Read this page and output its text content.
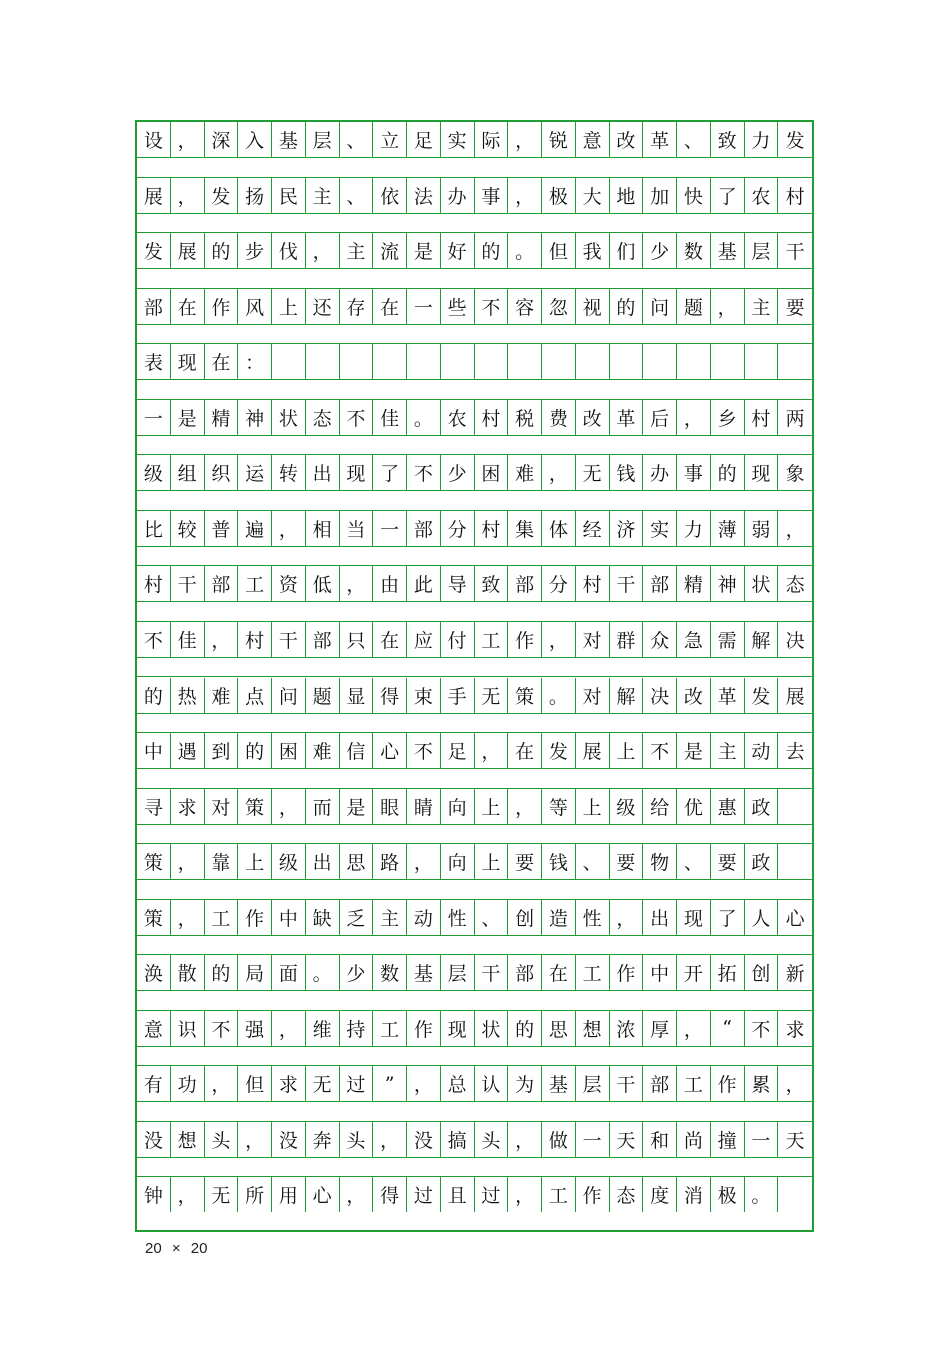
设 ， 深 入 基 层 、 立 足 实 际 ， 锐 意 改 革 、 致 力 发
展 ， 发 扬 民 主 、 依 法 办 事 ， 极 大 地 加 快 了 农 村
发 展 的 步 伐 ， 主 流 是 好 的 。 但 我 们 少 数 基 层 干
部 在 作 风 上 还 存 在 一 些 不 容 忽 视 的 问 题 ， 主 要
表 现 在 ：
一 是 精 神 状 态 不 佳 。 农 村 税 费 改 革 后 ， 乡 村 两
级 组 织 运 转 出 现 了 不 少 困 难 ， 无 钱 办 事 的 现 象
比 较 普 遍 ， 相 当 一 部 分 村 集 体 经 济 实 力 薄 弱 ，
村 干 部 工 资 低 ， 由 此 导 致 部 分 村 干 部 精 神 状 态
不 佳 ， 村 干 部 只 在 应 付 工 作 ， 对 群 众 急 需 解 决
的 热 难 点 问 题 显 得 束 手 无 策 。 对 解 决 改 革 发 展
中 遇 到 的 困 难 信 心 不 足 ， 在 发 展 上 不 是 主 动 去
寻 求 对 策 ， 而 是 眼 睛 向 上 ， 等 上 级 给 优 惠 政
策 ， 靠 上 级 出 思 路 ， 向 上 要 钱 、 要 物 、 要 政
策 ， 工 作 中 缺 乏 主 动 性 、 创 造 性 ， 出 现 了 人 心
涣 散 的 局 面 。 少 数 基 层 干 部 在 工 作 中 开 拓 创 新
意 识 不 强 ， 维 持 工 作 现 状 的 思 想 浓 厚 ，	“	不 求
有 功 ， 但 求 无 过	”	， 总 认 为 基 层 干 部 工 作 累 ，
没 想 头 ， 没 奔 头 ， 没 搞 头 ， 做 一 天 和 尚 撞 一 天
钟 ， 无 所 用 心 ， 得 过 且 过 ， 工 作 态 度 消 极 。
20 × 20
